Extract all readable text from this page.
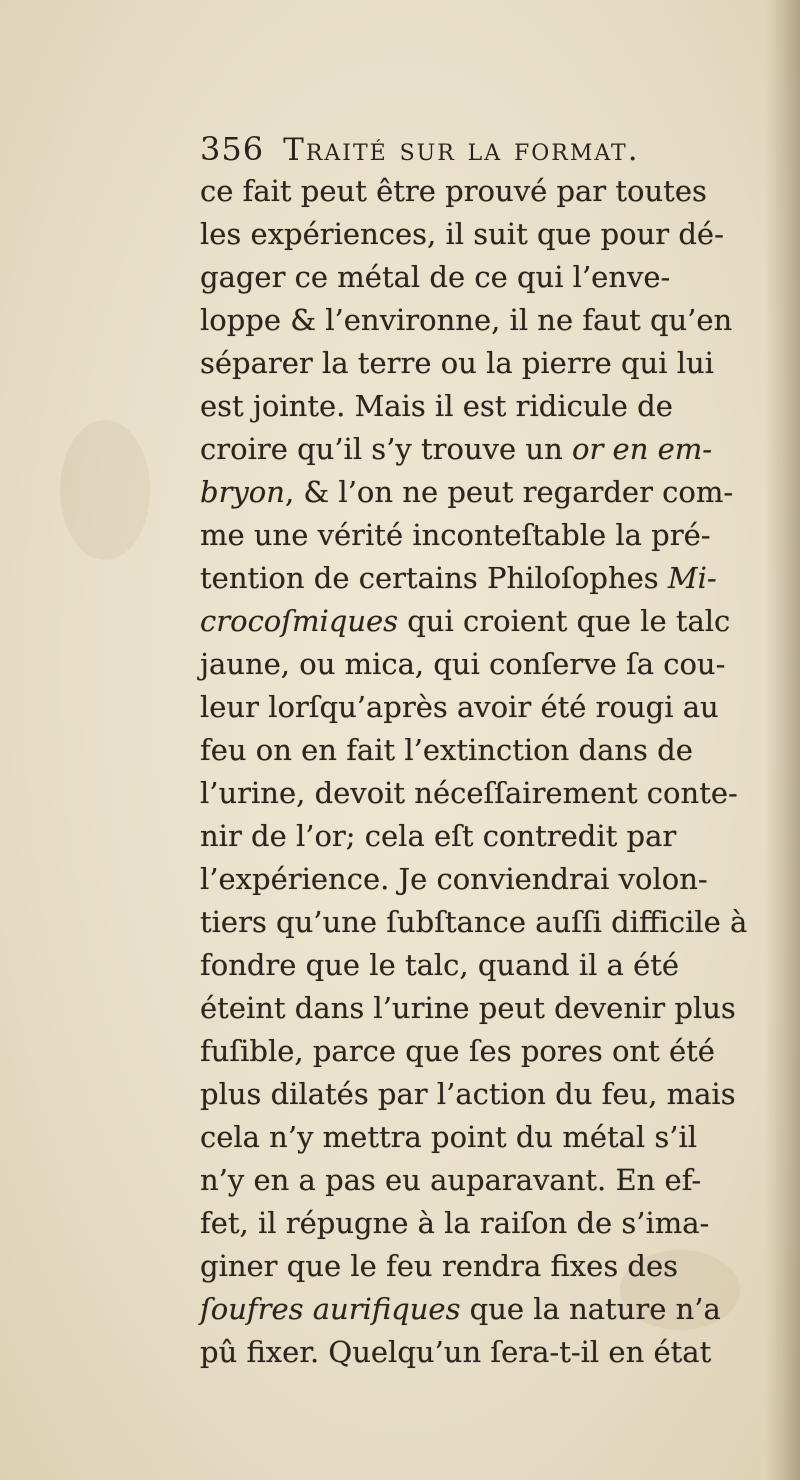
356 Traité sur la format.
ce fait peut être prouvé par toutes
les expériences, il suit que pour dé-
gager ce métal de ce qui l’enve-
loppe & l’environne, il ne faut qu’en
séparer la terre ou la pierre qui lui
est jointe. Mais il est ridicule de
croire qu’il s’y trouve un or en em-
bryon, & l’on ne peut regarder com-
me une vérité inconteſtable la pré-
tention de certains Philoſophes Mi-
crocoſmiques qui croient que le talc
jaune, ou mica, qui conſerve ſa cou-
leur lorſqu’après avoir été rougi au
feu on en fait l’extinction dans de
l’urine, devoit néceſſairement conte-
nir de l’or; cela eſt contredit par
l’expérience. Je conviendrai volon-
tiers qu’une ſubſtance auſſi difficile à
fondre que le talc, quand il a été
éteint dans l’urine peut devenir plus
fuſible, parce que ſes pores ont été
plus dilatés par l’action du feu, mais
cela n’y mettra point du métal s’il
n’y en a pas eu auparavant. En ef-
fet, il répugne à la raiſon de s’ima-
giner que le feu rendra fixes des
ſoufres aurifiques que la nature n’a
pû fixer. Quelqu’un ſera-t-il en état
